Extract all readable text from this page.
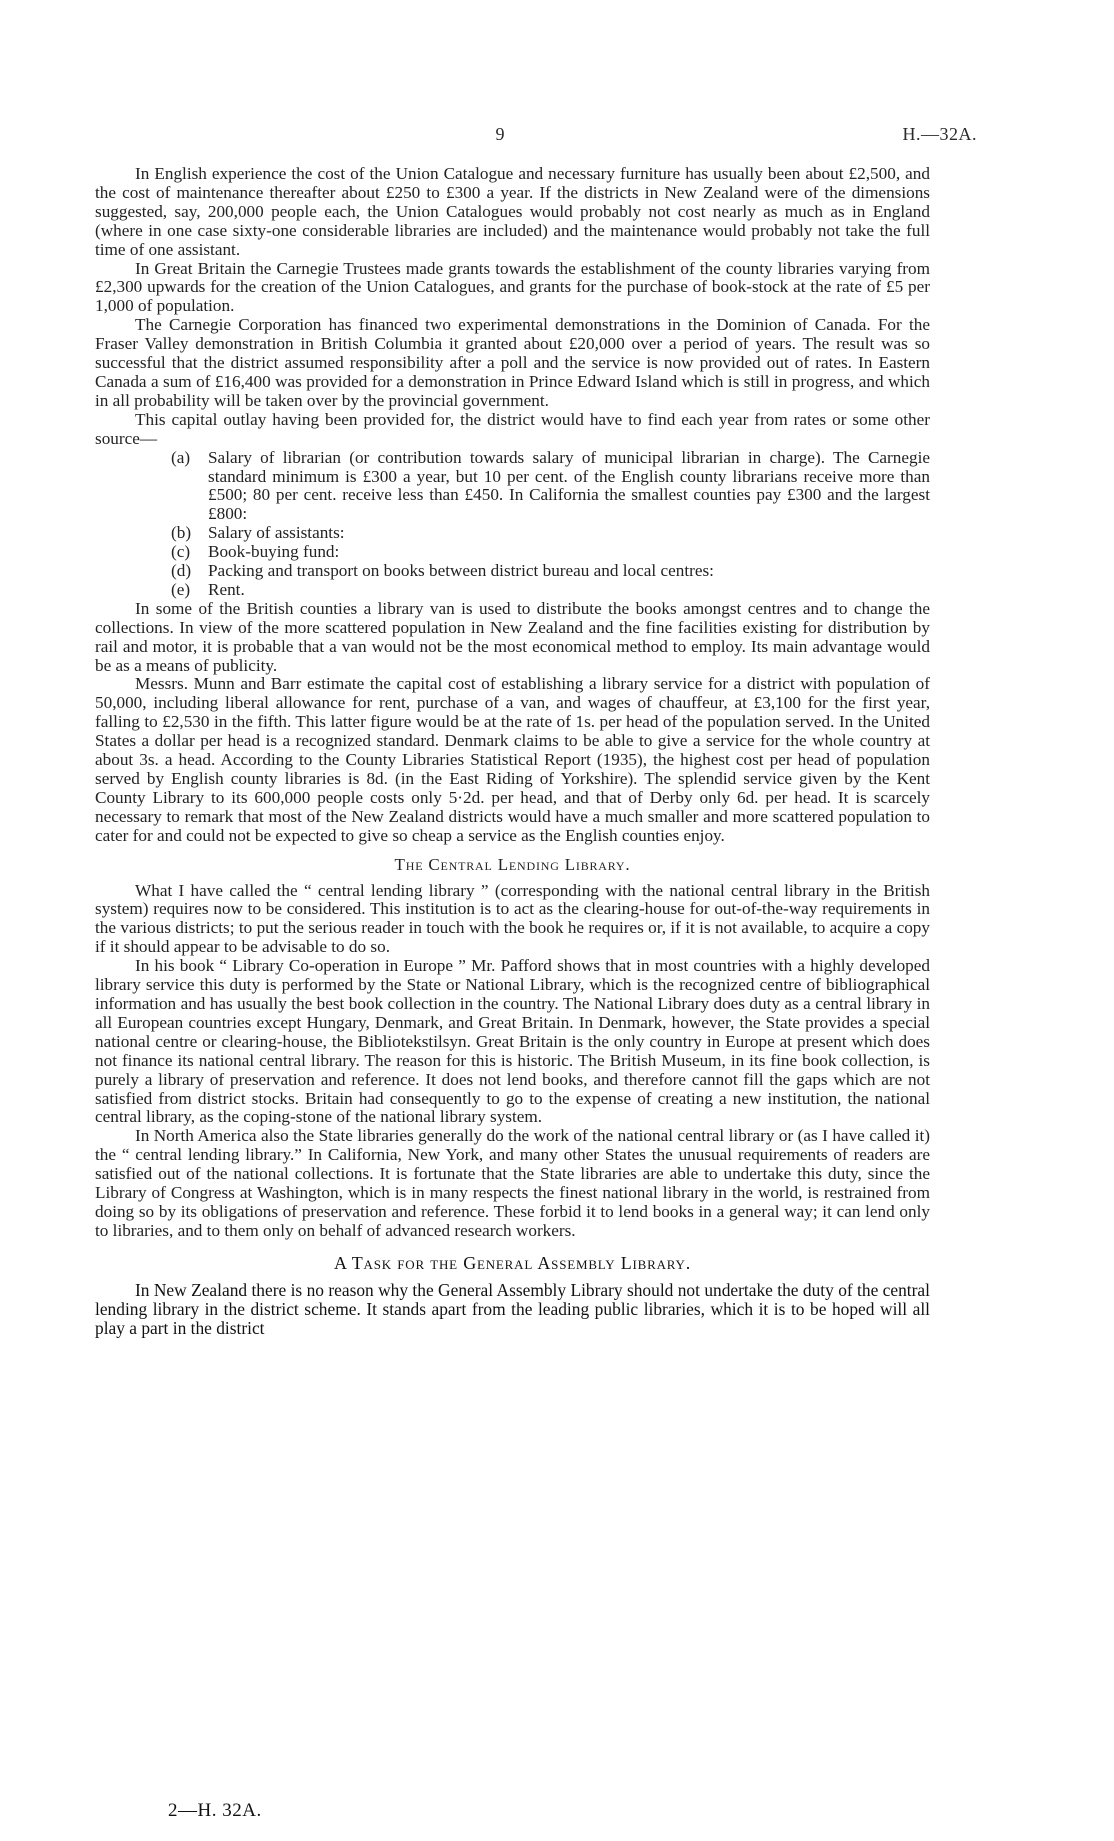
9	H.—32A.

In English experience the cost of the Union Catalogue and necessary furniture has usually been about £2,500, and the cost of maintenance thereafter about £250 to £300 a year. If the districts in New Zealand were of the dimensions suggested, say, 200,000 people each, the Union Catalogues would probably not cost nearly as much as in England (where in one case sixty-one considerable libraries are included) and the maintenance would probably not take the full time of one assistant.

In Great Britain the Carnegie Trustees made grants towards the establishment of the county libraries varying from £2,300 upwards for the creation of the Union Catalogues, and grants for the purchase of book-stock at the rate of £5 per 1,000 of population.

The Carnegie Corporation has financed two experimental demonstrations in the Dominion of Canada. For the Fraser Valley demonstration in British Columbia it granted about £20,000 over a period of years. The result was so successful that the district assumed responsibility after a poll and the service is now provided out of rates. In Eastern Canada a sum of £16,400 was provided for a demonstration in Prince Edward Island which is still in progress, and which in all probability will be taken over by the provincial government.

This capital outlay having been provided for, the district would have to find each year from rates or some other source—

(a) Salary of librarian (or contribution towards salary of municipal librarian in charge). The Carnegie standard minimum is £300 a year, but 10 per cent. of the English county librarians receive more than £500; 80 per cent. receive less than £450. In California the smallest counties pay £300 and the largest £800:
(b) Salary of assistants:
(c) Book-buying fund:
(d) Packing and transport on books between district bureau and local centres:
(e) Rent.

In some of the British counties a library van is used to distribute the books amongst centres and to change the collections. In view of the more scattered population in New Zealand and the fine facilities existing for distribution by rail and motor, it is probable that a van would not be the most economical method to employ. Its main advantage would be as a means of publicity.

Messrs. Munn and Barr estimate the capital cost of establishing a library service for a district with population of 50,000, including liberal allowance for rent, purchase of a van, and wages of chauffeur, at £3,100 for the first year, falling to £2,530 in the fifth. This latter figure would be at the rate of 1s. per head of the population served. In the United States a dollar per head is a recognized standard. Denmark claims to be able to give a service for the whole country at about 3s. a head. According to the County Libraries Statistical Report (1935), the highest cost per head of population served by English county libraries is 8d. (in the East Riding of Yorkshire). The splendid service given by the Kent County Library to its 600,000 people costs only 5·2d. per head, and that of Derby only 6d. per head. It is scarcely necessary to remark that most of the New Zealand districts would have a much smaller and more scattered population to cater for and could not be expected to give so cheap a service as the English counties enjoy.

The Central Lending Library.

What I have called the “ central lending library ” (corresponding with the national central library in the British system) requires now to be considered. This institution is to act as the clearing-house for out-of-the-way requirements in the various districts; to put the serious reader in touch with the book he requires or, if it is not available, to acquire a copy if it should appear to be advisable to do so.

In his book “ Library Co-operation in Europe ” Mr. Pafford shows that in most countries with a highly developed library service this duty is performed by the State or National Library, which is the recognized centre of bibliographical information and has usually the best book collection in the country. The National Library does duty as a central library in all European countries except Hungary, Denmark, and Great Britain. In Denmark, however, the State provides a special national centre or clearing-house, the Bibliotekstilsyn. Great Britain is the only country in Europe at present which does not finance its national central library. The reason for this is historic. The British Museum, in its fine book collection, is purely a library of preservation and reference. It does not lend books, and therefore cannot fill the gaps which are not satisfied from district stocks. Britain had consequently to go to the expense of creating a new institution, the national central library, as the coping-stone of the national library system.

In North America also the State libraries generally do the work of the national central library or (as I have called it) the “ central lending library.” In California, New York, and many other States the unusual requirements of readers are satisfied out of the national collections. It is fortunate that the State libraries are able to undertake this duty, since the Library of Congress at Washington, which is in many respects the finest national library in the world, is restrained from doing so by its obligations of preservation and reference. These forbid it to lend books in a general way; it can lend only to libraries, and to them only on behalf of advanced research workers.

A Task for the General Assembly Library.

In New Zealand there is no reason why the General Assembly Library should not undertake the duty of the central lending library in the district scheme. It stands apart from the leading public libraries, which it is to be hoped will all play a part in the district

2—H. 32A.
